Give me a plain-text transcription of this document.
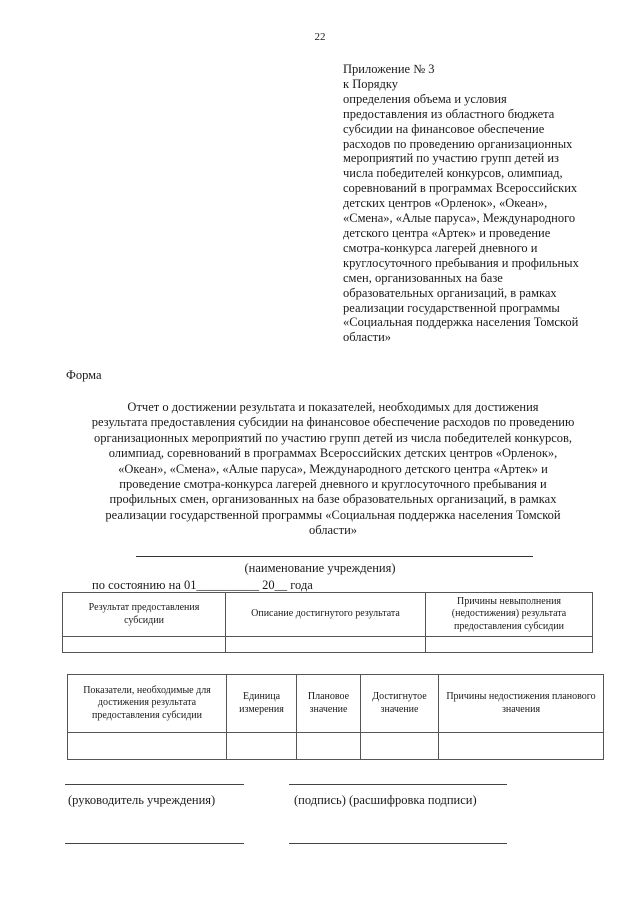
22
Приложение № 3
к Порядку
определения объема и условия
предоставления из областного бюджета
субсидии на финансовое обеспечение
расходов по проведению организационных
мероприятий по участию групп детей из
числа победителей конкурсов, олимпиад,
соревнований в программах Всероссийских
детских центров «Орленок», «Океан»,
«Смена», «Алые паруса», Международного
детского центра «Артек» и проведение
смотра-конкурса лагерей дневного и
круглосуточного пребывания и профильных
смен, организованных на базе
образовательных организаций, в рамках
реализации государственной программы
«Социальная поддержка населения Томской
области»
Форма
Отчет о достижении результата и показателей, необходимых для достижения
результата предоставления субсидии на финансовое обеспечение расходов по проведению
организационных мероприятий по участию групп детей из числа победителей конкурсов,
олимпиад, соревнований в программах Всероссийских детских центров «Орленок»,
«Океан», «Смена», «Алые паруса», Международного детского центра «Артек» и
проведение смотра-конкурса лагерей дневного и круглосуточного пребывания и
профильных смен, организованных на базе образовательных организаций, в рамках
реализации государственной программы «Социальная поддержка населения Томской
области»
(наименование учреждения)
по состоянию на 01__________ 20__ года
Результат предоставления субсидии	Описание достигнутого результата	Причины невыполнения (недостижения) результата предоставления субсидии

Показатели, необходимые для достижения результата предоставления субсидии	Единица измерения	Плановое значение	Достигнутое значение	Причины недостижения планового значения

(руководитель учреждения)	(подпись) (расшифровка подписи)
